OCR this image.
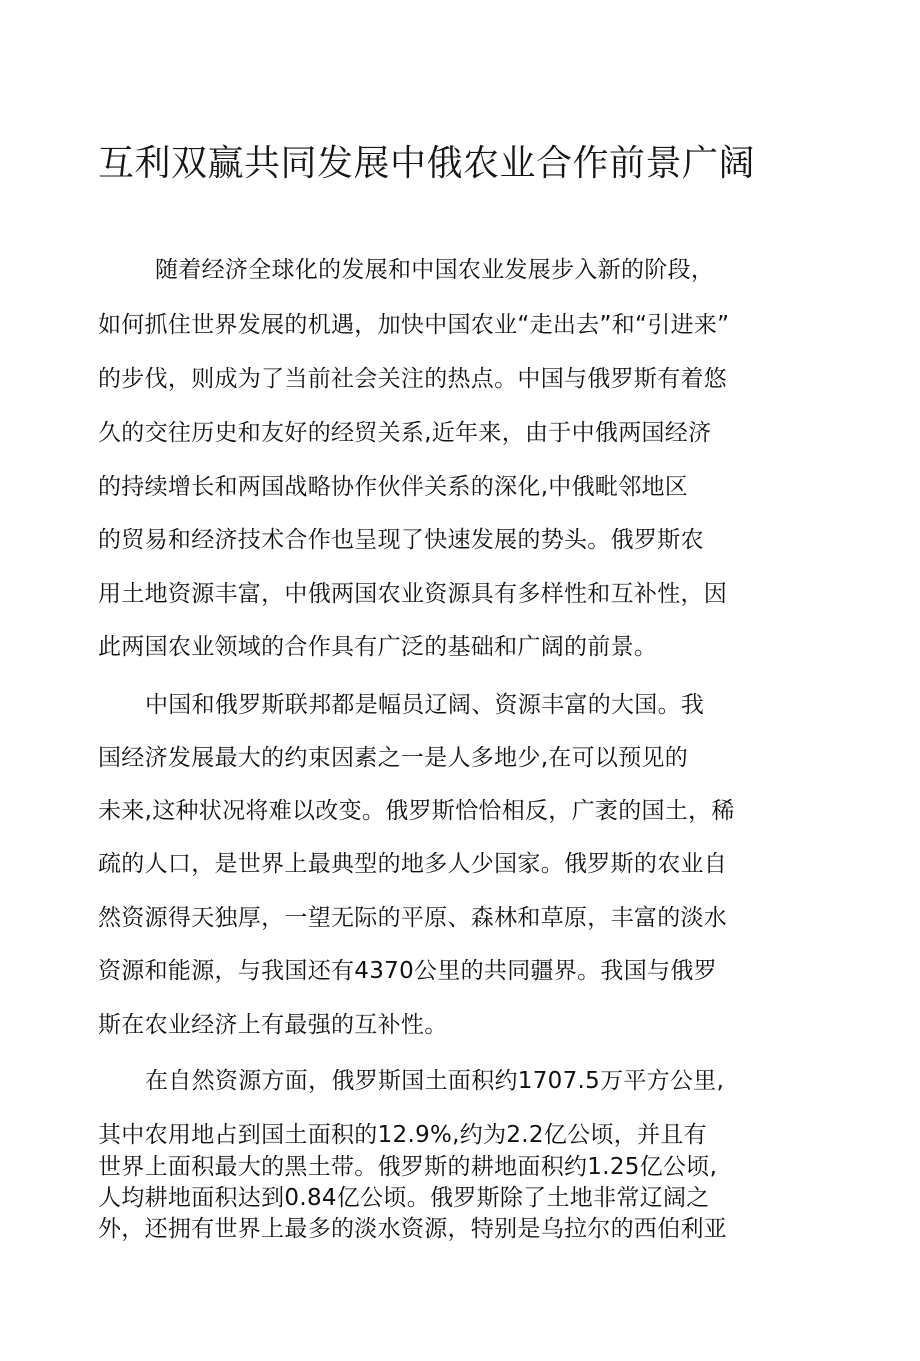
互利双赢共同发展中俄农业合作前景广阔
随着经济全球化的发展和中国农业发展步入新的阶段，
如何抓住世界发展的机遇，加快中国农业“走出去”和“引进来”
的步伐，则成为了当前社会关注的热点。中国与俄罗斯有着悠
久的交往历史和友好的经贸关系,近年来，由于中俄两国经济
的持续增长和两国战略协作伙伴关系的深化,中俄毗邻地区
的贸易和经济技术合作也呈现了快速发展的势头。俄罗斯农
用土地资源丰富，中俄两国农业资源具有多样性和互补性，因
此两国农业领域的合作具有广泛的基础和广阔的前景。
中国和俄罗斯联邦都是幅员辽阔、资源丰富的大国。我
国经济发展最大的约束因素之一是人多地少,在可以预见的
未来,这种状况将难以改变。俄罗斯恰恰相反，广袤的国土，稀
疏的人口，是世界上最典型的地多人少国家。俄罗斯的农业自
然资源得天独厚，一望无际的平原、森林和草原，丰富的淡水
资源和能源，与我国还有4370公里的共同疆界。我国与俄罗
斯在农业经济上有最强的互补性。
在自然资源方面，俄罗斯国土面积约1707.5万平方公里,
其中农用地占到国土面积的12.9%,约为2.2亿公顷，并且有
世界上面积最大的黑土带。俄罗斯的耕地面积约1.25亿公顷,
人均耕地面积达到0.84亿公顷。俄罗斯除了土地非常辽阔之
外，还拥有世界上最多的淡水资源，特别是乌拉尔的西伯利亚
